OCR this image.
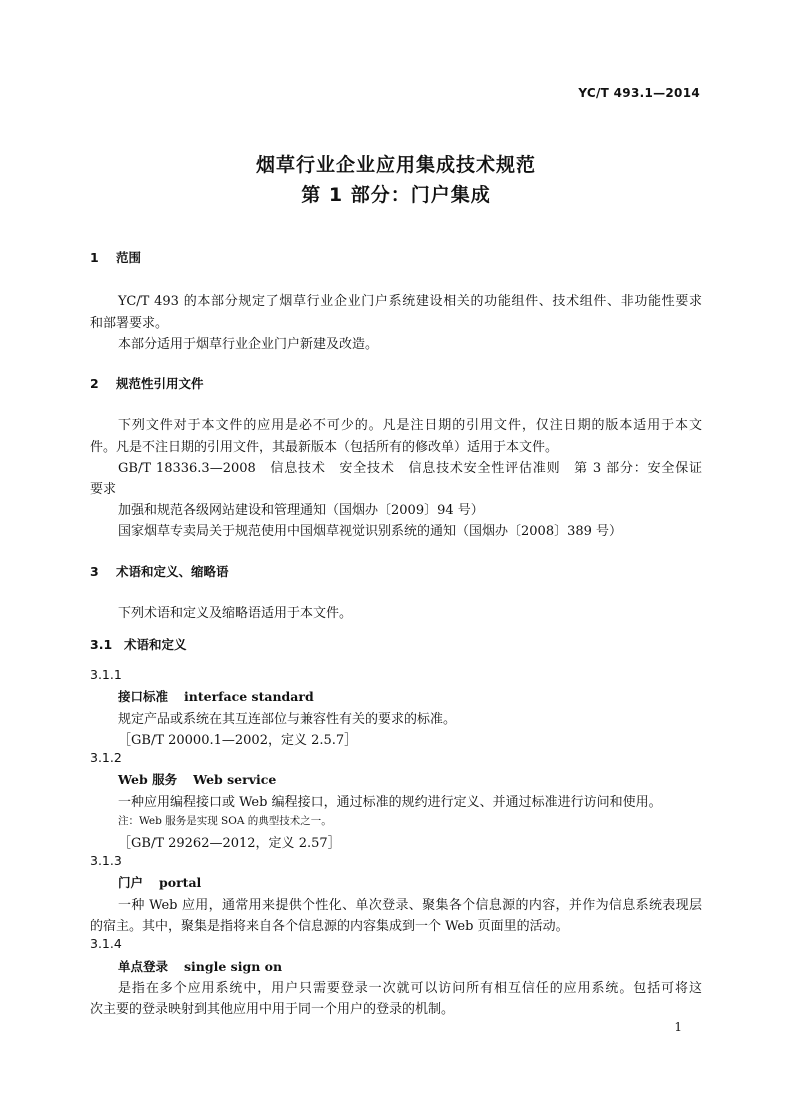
YC/T 493.1—2014
烟草行业企业应用集成技术规范
第 1 部分：门户集成
1 范围
YC/T 493 的本部分规定了烟草行业企业门户系统建设相关的功能组件、技术组件、非功能性要求
和部署要求。
本部分适用于烟草行业企业门户新建及改造。
2 规范性引用文件
下列文件对于本文件的应用是必不可少的。凡是注日期的引用文件，仅注日期的版本适用于本文
件。凡是不注日期的引用文件，其最新版本（包括所有的修改单）适用于本文件。
GB/T 18336.3—2008　信息技术　安全技术　信息技术安全性评估准则　第 3 部分：安全保证
要求
加强和规范各级网站建设和管理通知（国烟办〔2009〕94 号）
国家烟草专卖局关于规范使用中国烟草视觉识别系统的通知（国烟办〔2008〕389 号）
3 术语和定义、缩略语
下列术语和定义及缩略语适用于本文件。
3.1 术语和定义
3.1.1
接口标准 interface standard
规定产品或系统在其互连部位与兼容性有关的要求的标准。
［GB/T 20000.1—2002，定义 2.5.7］
3.1.2
Web 服务 Web service
一种应用编程接口或 Web 编程接口，通过标准的规约进行定义、并通过标准进行访问和使用。
注：Web 服务是实现 SOA 的典型技术之一。
［GB/T 29262—2012，定义 2.57］
3.1.3
门户 portal
一种 Web 应用，通常用来提供个性化、单次登录、聚集各个信息源的内容，并作为信息系统表现层
的宿主。其中，聚集是指将来自各个信息源的内容集成到一个 Web 页面里的活动。
3.1.4
单点登录 single sign on
是指在多个应用系统中，用户只需要登录一次就可以访问所有相互信任的应用系统。包括可将这
次主要的登录映射到其他应用中用于同一个用户的登录的机制。
1
